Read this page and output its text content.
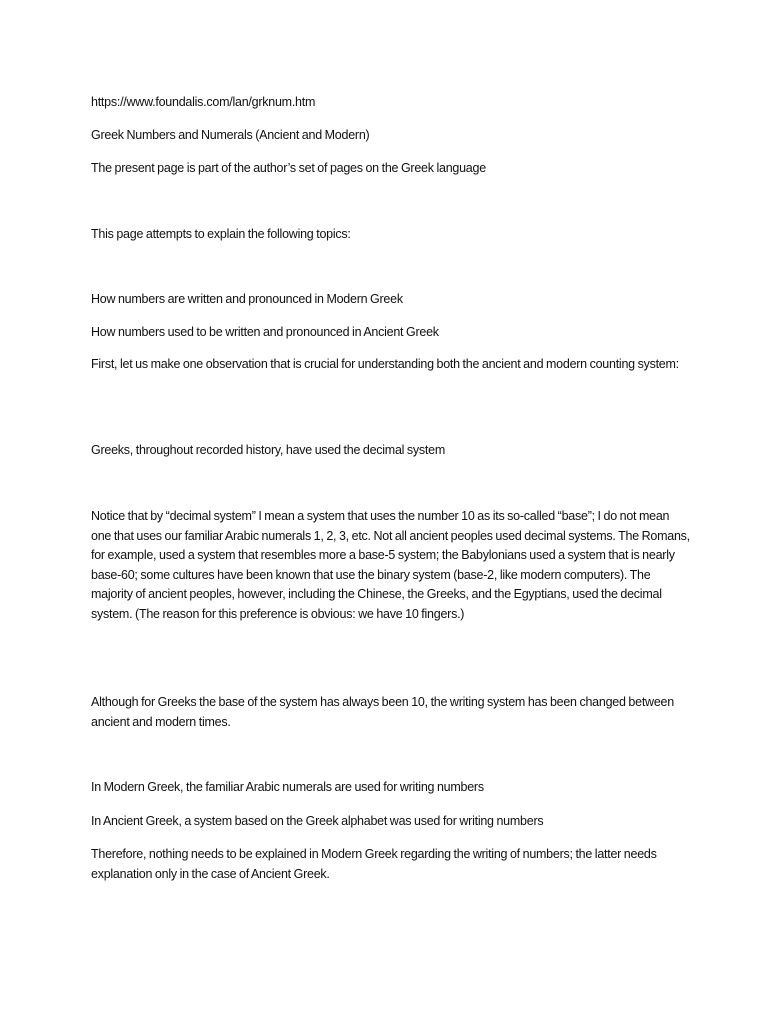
https://www.foundalis.com/lan/grknum.htm

Greek Numbers and Numerals (Ancient and Modern)

The present page is part of the author’s set of pages on the Greek language

This page attempts to explain the following topics:

How numbers are written and pronounced in Modern Greek

How numbers used to be written and pronounced in Ancient Greek

First, let us make one observation that is crucial for understanding both the ancient and modern counting system:

Greeks, throughout recorded history, have used the decimal system

Notice that by “decimal system” I mean a system that uses the number 10 as its so-called “base”; I do not mean one that uses our familiar Arabic numerals 1, 2, 3, etc. Not all ancient peoples used decimal systems. The Romans, for example, used a system that resembles more a base-5 system; the Babylonians used a system that is nearly base-60; some cultures have been known that use the binary system (base-2, like modern computers). The majority of ancient peoples, however, including the Chinese, the Greeks, and the Egyptians, used the decimal system. (The reason for this preference is obvious: we have 10 fingers.)

Although for Greeks the base of the system has always been 10, the writing system has been changed between ancient and modern times.

In Modern Greek, the familiar Arabic numerals are used for writing numbers

In Ancient Greek, a system based on the Greek alphabet was used for writing numbers

Therefore, nothing needs to be explained in Modern Greek regarding the writing of numbers; the latter needs explanation only in the case of Ancient Greek.
